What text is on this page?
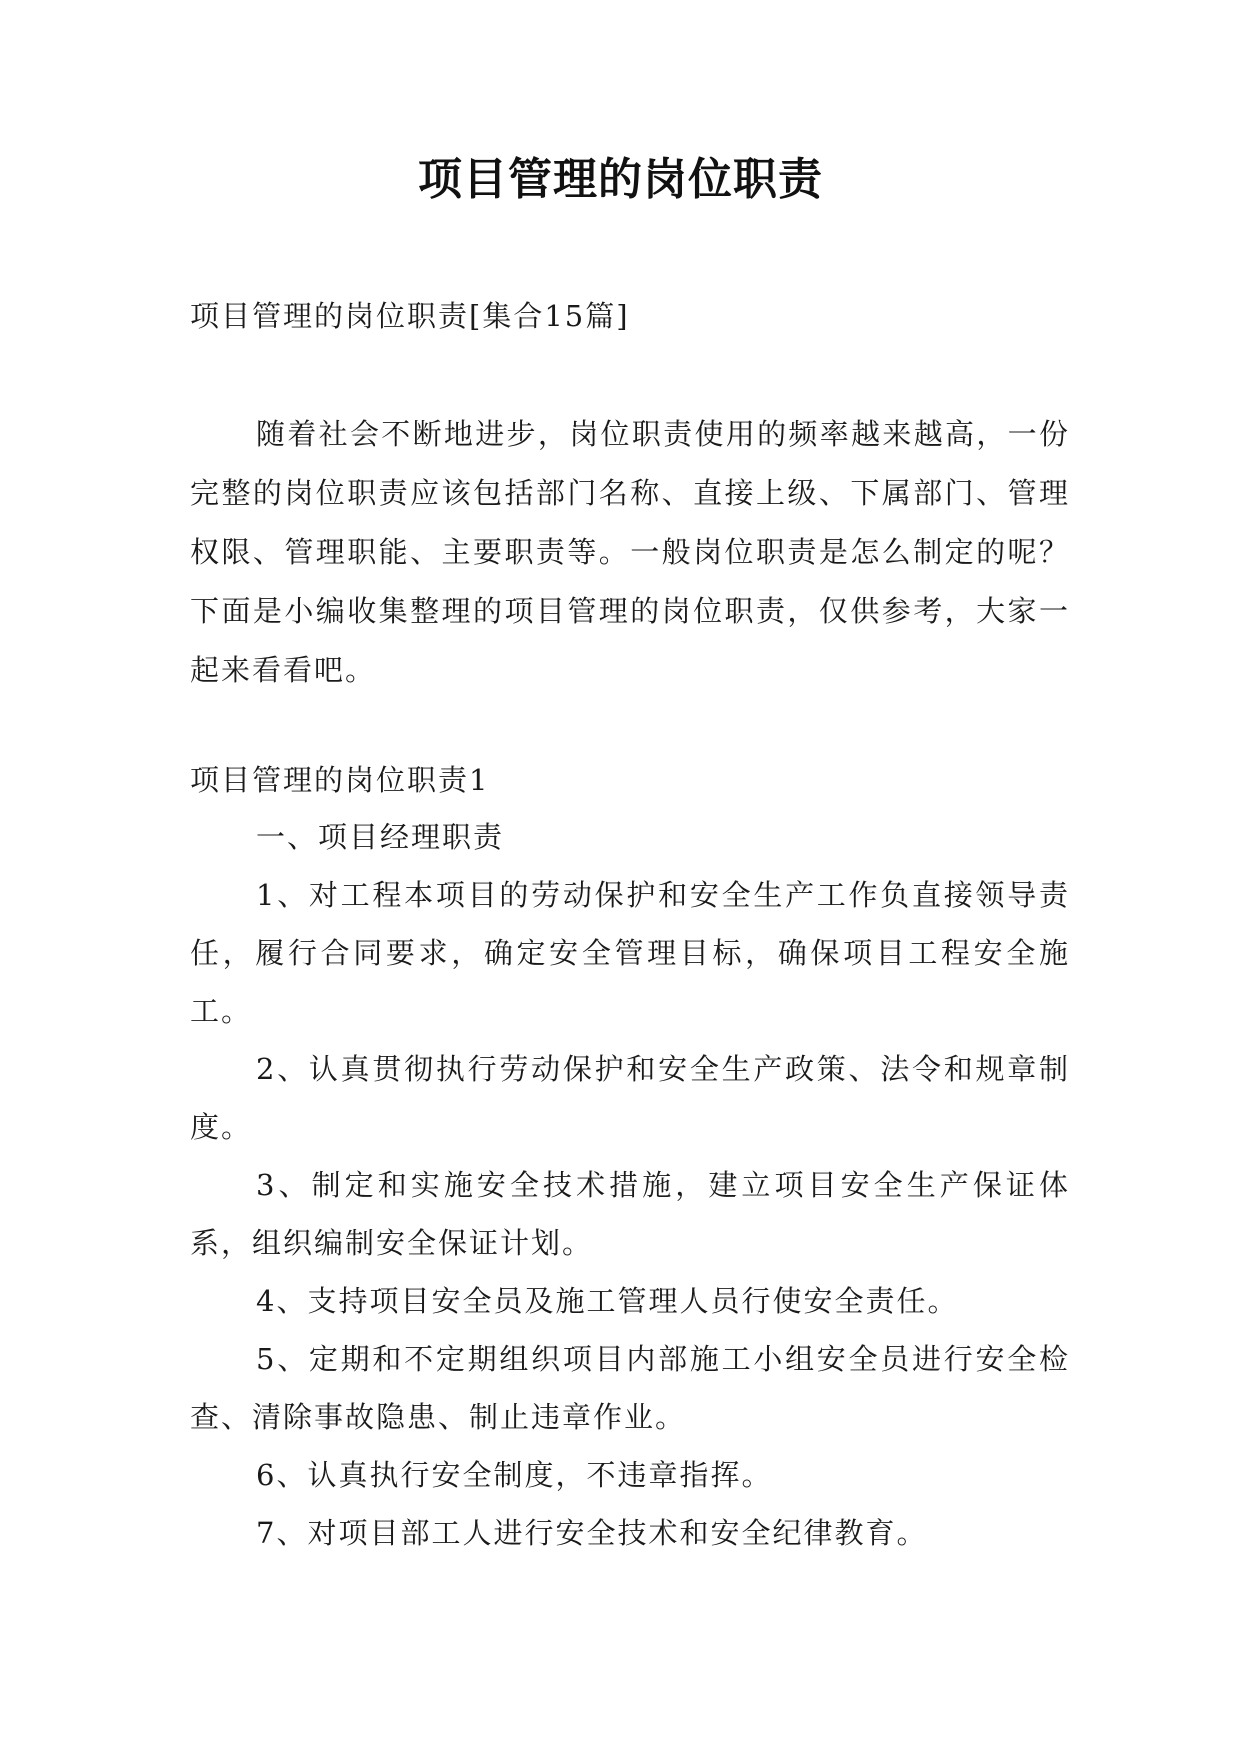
项目管理的岗位职责
项目管理的岗位职责[集合15篇]
随着社会不断地进步，岗位职责使用的频率越来越高，一份完整的岗位职责应该包括部门名称、直接上级、下属部门、管理权限、管理职能、主要职责等。一般岗位职责是怎么制定的呢？下面是小编收集整理的项目管理的岗位职责，仅供参考，大家一起来看看吧。
项目管理的岗位职责1

一、项目经理职责

1、对工程本项目的劳动保护和安全生产工作负直接领导责任，履行合同要求，确定安全管理目标，确保项目工程安全施工。

2、认真贯彻执行劳动保护和安全生产政策、法令和规章制度。

3、制定和实施安全技术措施，建立项目安全生产保证体系，组织编制安全保证计划。

4、支持项目安全员及施工管理人员行使安全责任。

5、定期和不定期组织项目内部施工小组安全员进行安全检查、清除事故隐患、制止违章作业。

6、认真执行安全制度，不违章指挥。

7、对项目部工人进行安全技术和安全纪律教育。
